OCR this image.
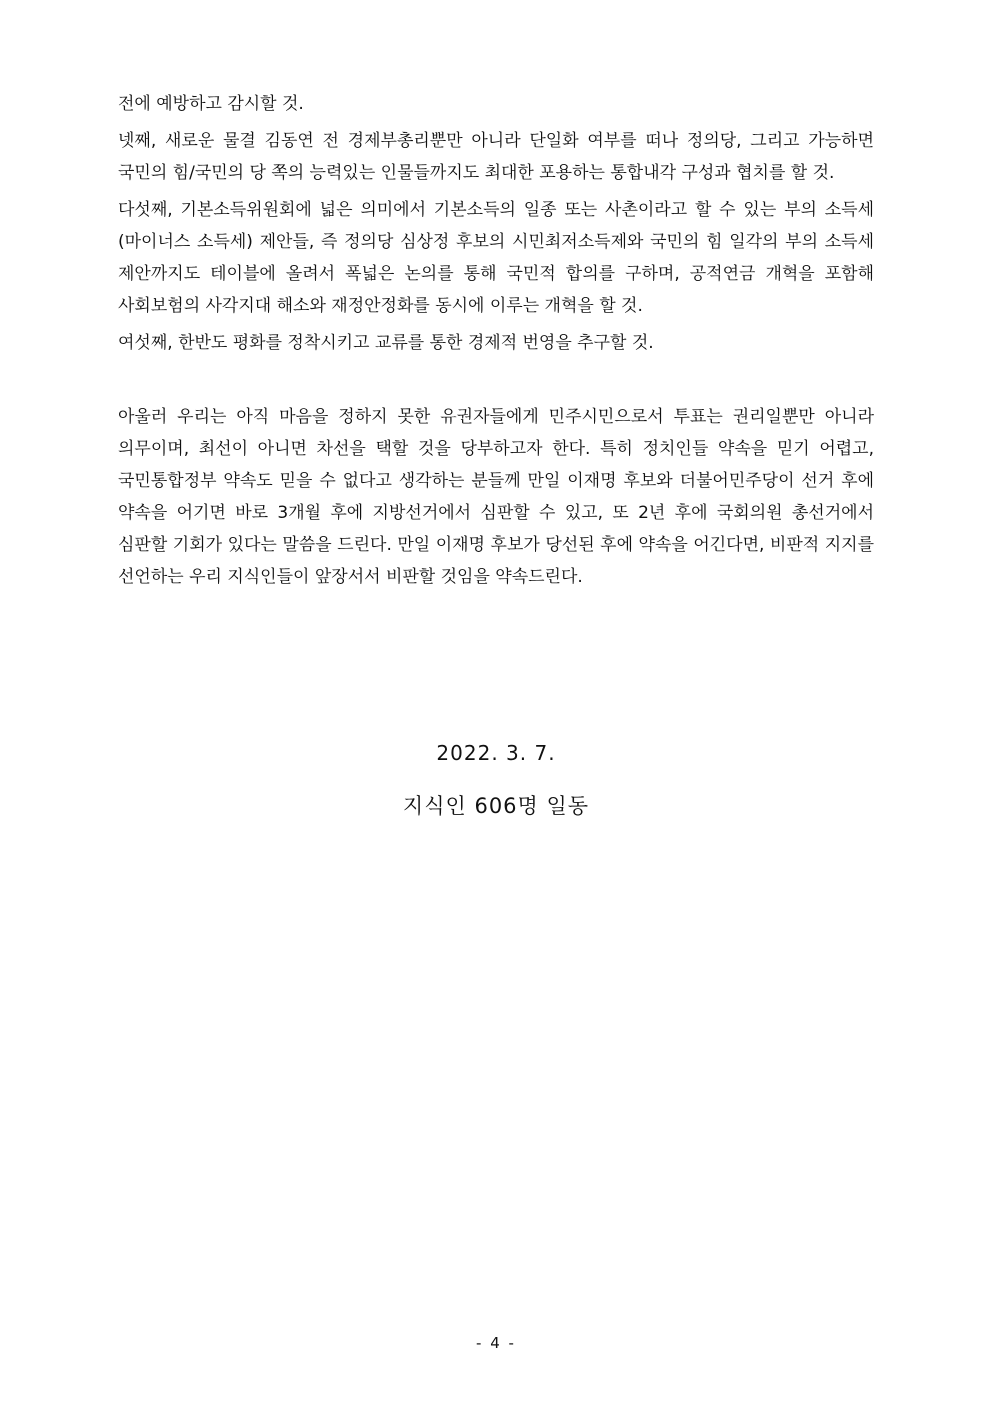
전에 예방하고 감시할 것.

넷째, 새로운 물결 김동연 전 경제부총리뿐만 아니라 단일화 여부를 떠나 정의당, 그리고 가능하면 국민의 힘/국민의 당 쪽의 능력있는 인물들까지도 최대한 포용하는 통합내각 구성과 협치를 할 것.

다섯째, 기본소득위원회에 넓은 의미에서 기본소득의 일종 또는 사촌이라고 할 수 있는 부의 소득세(마이너스 소득세) 제안들, 즉 정의당 심상정 후보의 시민최저소득제와 국민의 힘 일각의 부의 소득세 제안까지도 테이블에 올려서 폭넓은 논의를 통해 국민적 합의를 구하며, 공적연금 개혁을 포함해 사회보험의 사각지대 해소와 재정안정화를 동시에 이루는 개혁을 할 것.

여섯째, 한반도 평화를 정착시키고 교류를 통한 경제적 번영을 추구할 것.

아울러 우리는 아직 마음을 정하지 못한 유권자들에게 민주시민으로서 투표는 권리일뿐만 아니라 의무이며, 최선이 아니면 차선을 택할 것을 당부하고자 한다. 특히 정치인들 약속을 믿기 어렵고, 국민통합정부 약속도 믿을 수 없다고 생각하는 분들께 만일 이재명 후보와 더불어민주당이 선거 후에 약속을 어기면 바로 3개월 후에 지방선거에서 심판할 수 있고, 또 2년 후에 국회의원 총선거에서 심판할 기회가 있다는 말씀을 드린다. 만일 이재명 후보가 당선된 후에 약속을 어긴다면, 비판적 지지를 선언하는 우리 지식인들이 앞장서서 비판할 것임을 약속드린다.

2022. 3. 7.
지식인 606명 일동
- 4 -
